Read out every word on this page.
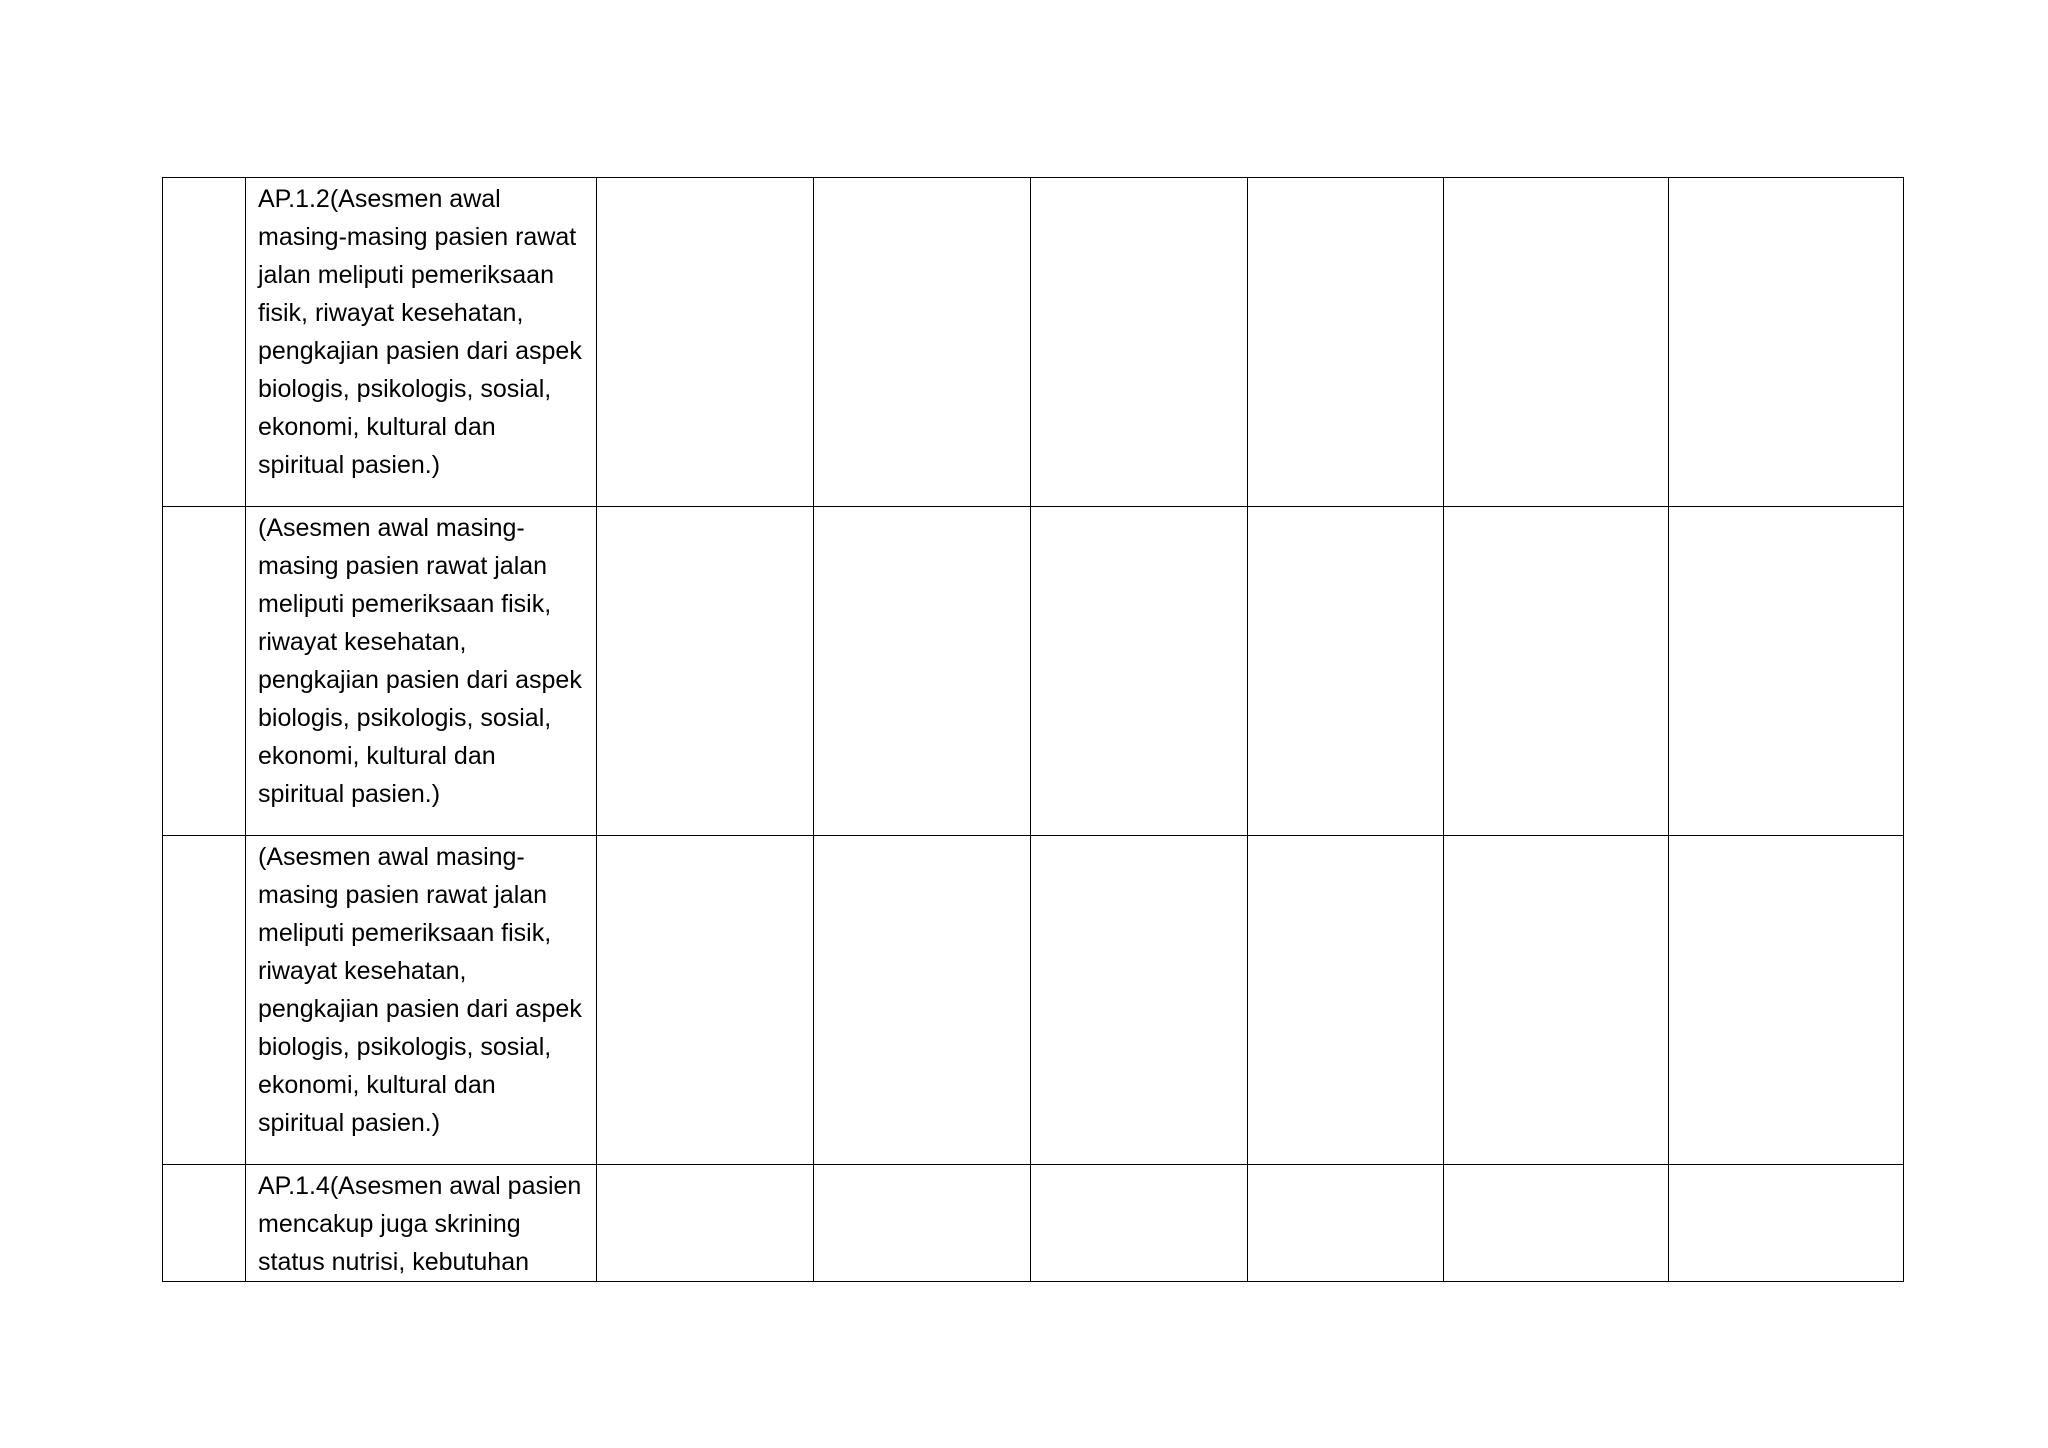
	AP.1.2(Asesmen awal masing-masing pasien rawat jalan meliputi pemeriksaan fisik, riwayat kesehatan, pengkajian pasien dari aspek biologis, psikologis, sosial, ekonomi, kultural dan spiritual pasien.)						

	(Asesmen awal masing-masing pasien rawat jalan meliputi pemeriksaan fisik, riwayat kesehatan, pengkajian pasien dari aspek biologis, psikologis, sosial, ekonomi, kultural dan spiritual pasien.)						

	(Asesmen awal masing-masing pasien rawat jalan meliputi pemeriksaan fisik, riwayat kesehatan, pengkajian pasien dari aspek biologis, psikologis, sosial, ekonomi, kultural dan spiritual pasien.)						

	AP.1.4(Asesmen awal pasien mencakup juga skrining status nutrisi, kebutuhan						
